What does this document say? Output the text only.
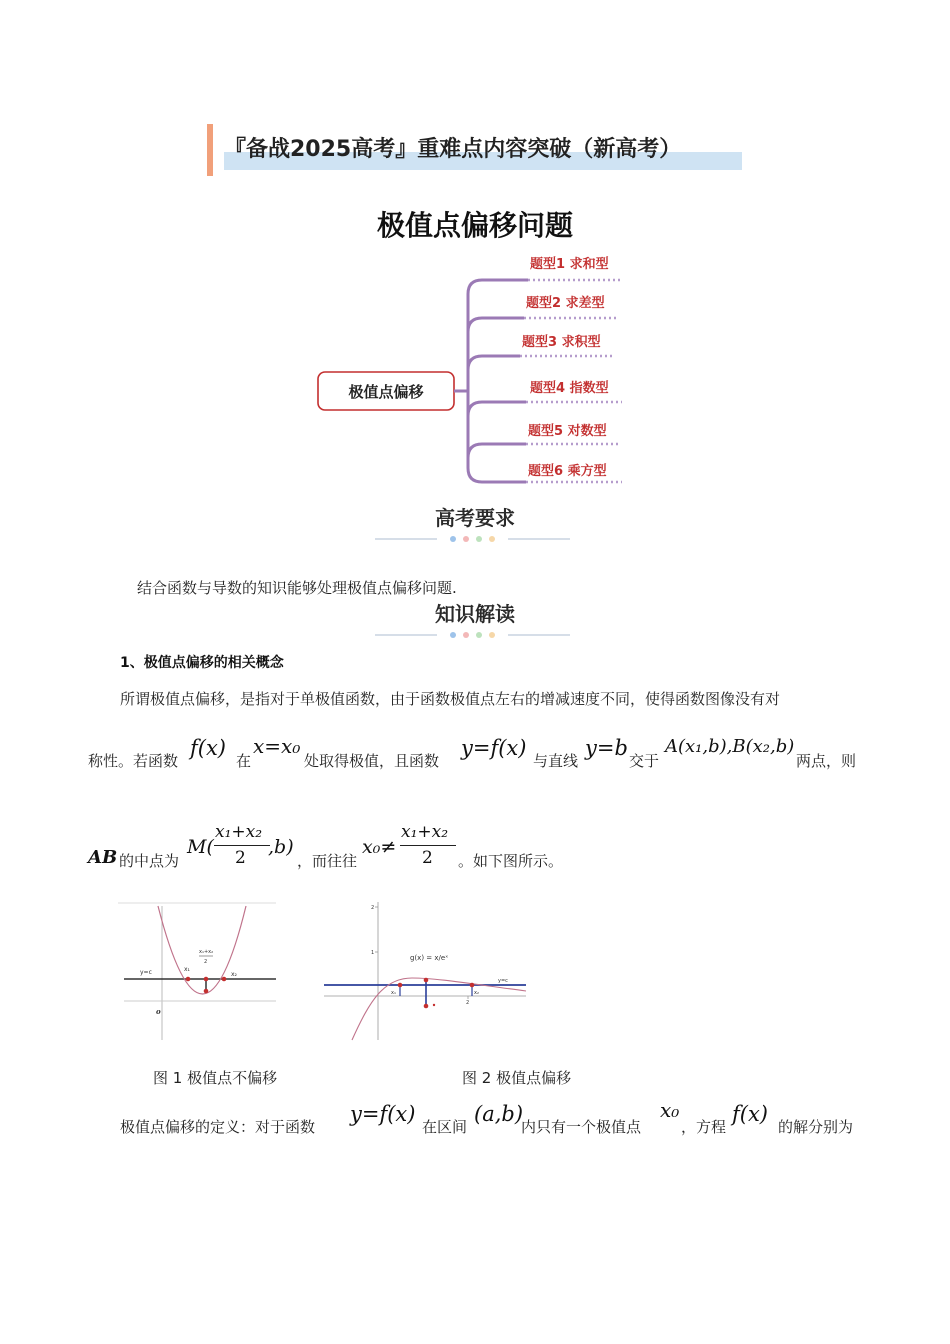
『备战2025高考』重难点内容突破（新高考）
极值点偏移问题
极值点偏移
题型1 求和型
题型2 求差型
题型3 求积型
题型4 指数型
题型5 对数型
题型6 乘方型
高考要求
结合函数与导数的知识能够处理极值点偏移问题.
知识解读
1、极值点偏移的相关概念
所谓极值点偏移，是指对于单极值函数，由于函数极值点左右的增减速度不同，使得函数图像没有对
称性。若函数
f(x)
在
x=x₀
处取得极值，且函数
y=f(x)
与直线
y=b
交于
A(x₁,b),B(x₂,b)
两点，则
AB 的中点为
M(
x₁+x₂
2 ,b)
，而往往
x₀≠
x₁+x₂
2 。如下图所示。
y=c	x₁
x₂
x₁+x₂
2
o
g(x) = x/eˣ
y=c
x₁	x₂
2
1
2
图 1 极值点不偏移	图 2 极值点偏移
极值点偏移的定义：对于函数
y=f(x)
在区间
(a,b)
内只有一个极值点
x₀
，方程
f(x)
的解分别为
